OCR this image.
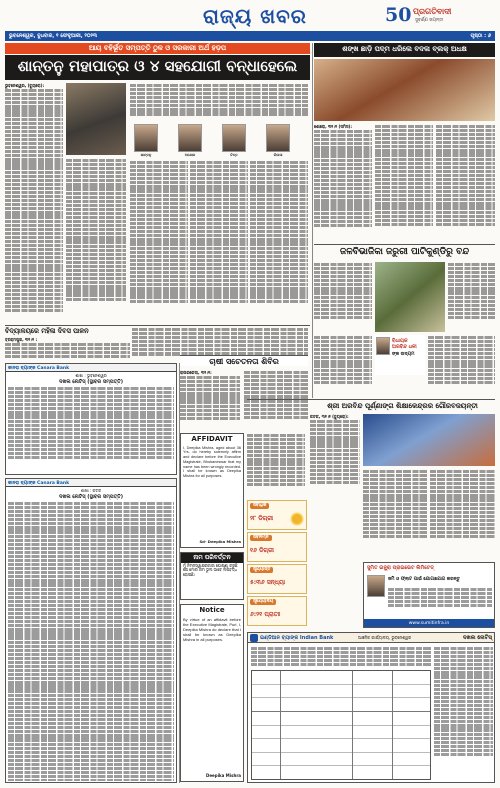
ରାଜ୍ୟ ଖବର	50 ପ୍ରଗତିବାଦୀ
ସୁବର୍ଣ୍ଣ ଜୟନ୍ତୀ
ଭୁବନେଶ୍ୱର, ବୁଧବାର, ୧ ଫେବୃଆରୀ, ୨୦୨୩	ପୃଷ୍ଠା : ୬
ଆୟ ବହିର୍ଭୂତ ସମ୍ପତ୍ତି ଠୁଳ ଓ ସରକାରୀ ଅର୍ଥ ହଡ଼ପ
ଶାନ୍ତନୁ ମହାପାତ୍ର ଓ ୪ ସହଯୋଗୀ ବନ୍ଧାହେଲେ
ଭୁବନେଶ୍ୱର, (ବ୍ୟୁରୋ):
ଶାନ୍ତନୁ	ଅଶୋକ	ଚିତ୍ତ	ଲିପସା
ଶଙ୍ଖ ଛାଡ଼ି ପଦ୍ମ ଧରିଲେ ବଦଳା ବ୍ଲକ୍ ଅଧକ୍ଷ
ଶୋରୋ, ୩୧।୧ (ସମିସ):
ଜଳବିଭାଜିକା ଜରୁରୀ ପାଟିକୁଣ୍ଡିରୁ ବନ୍ଦ
ବିଧାୟକ ଅରବିନ୍ଦ ଧଳୀ
ଙ୍କ ଉଦ୍ୟମ
ବିଦ୍ୟାଳୟରେ ମହିଳା ଦିବସ ପାଳନ
ବ୍ରହ୍ମପୁର, ୩୧।୧ :
ଚାଷୀ ସଚେତନତା ଶିବିର
ରାଉରକେଲା, ୩୧।୧:
କାନରା ବ୍ୟାଙ୍କ Canara Bank
ଶାଖା : ଭୁବନେଶ୍ୱର
ଦଖଲ ନୋଟିସ୍ (ସ୍ଥାବର ସମ୍ପତ୍ତି)
କାନରା ବ୍ୟାଙ୍କ Canara Bank
ଶାଖା : କଟକ
ଦଖଲ ନୋଟିସ୍ (ସ୍ଥାବର ସମ୍ପତ୍ତି)
AFFIDAVIT
I, Deepika Mishra, aged about 36 Yrs, do hereby solemnly affirm and declare before the Executive Magistrate, Bhubaneswar that my name has been wrongly recorded. I shall be known as Deepika Mishra for all purposes.
Sd- Deepika Mishra
ନାମ ପରିବର୍ତ୍ତନ
ମୁଁ ନିମ୍ନସ୍ୱାକ୍ଷରକାରୀ ଘୋଷଣା କରୁଛି ଯେ ମୋର ନାମ ଭୁଲ ଭାବେ ଲିପିବଦ୍ଧ ହୋଇଛି।
Notice
By virtue of an affidavit before the Executive Magistrate, Puri, I, Deepika Mishra do declare that I shall be known as Deepika Mishra in all purposes.
Deepika Mishra
ଶ୍ରୀ ଅରବିନ୍ଦ ପୂର୍ଣ୍ଣାଙ୍ଗ ଶିକ୍ଷାକେନ୍ଦ୍ରର ଗୌରବଜୟନ୍ତୀ
କଟକ, ୩୧।୧ (ବ୍ୟୁରୋ):
ସର୍ବାଧିକ
୨୮ ଡିଗ୍ରୀ
ସର୍ବନିମ୍ନ
୧୬ ଡିଗ୍ରୀ
ସୂର୍ଯ୍ୟାସ୍ତ
୫:୩୬ ସନ୍ଧ୍ୟା
ସୂର୍ଯ୍ୟୋଦୟ
୬:୨୧ ପ୍ରାତଃ
ସୁମିତ ଇନ୍ଫ୍ରା ପ୍ରାଇଭେଟ ଲିମିଟେଡ୍
ଜମି ଓ ଫ୍ଲାଟ ପାଇଁ ଯୋଗାଯୋଗ କରନ୍ତୁ
www.sumitinfra.in
ଇଣ୍ଡିଆନ ବ୍ୟାଙ୍କ Indian Bank	ଆଞ୍ଚଳିକ କାର୍ଯ୍ୟାଳୟ, ଭୁବନେଶ୍ୱର	ଦଖଲ ନୋଟିସ୍
